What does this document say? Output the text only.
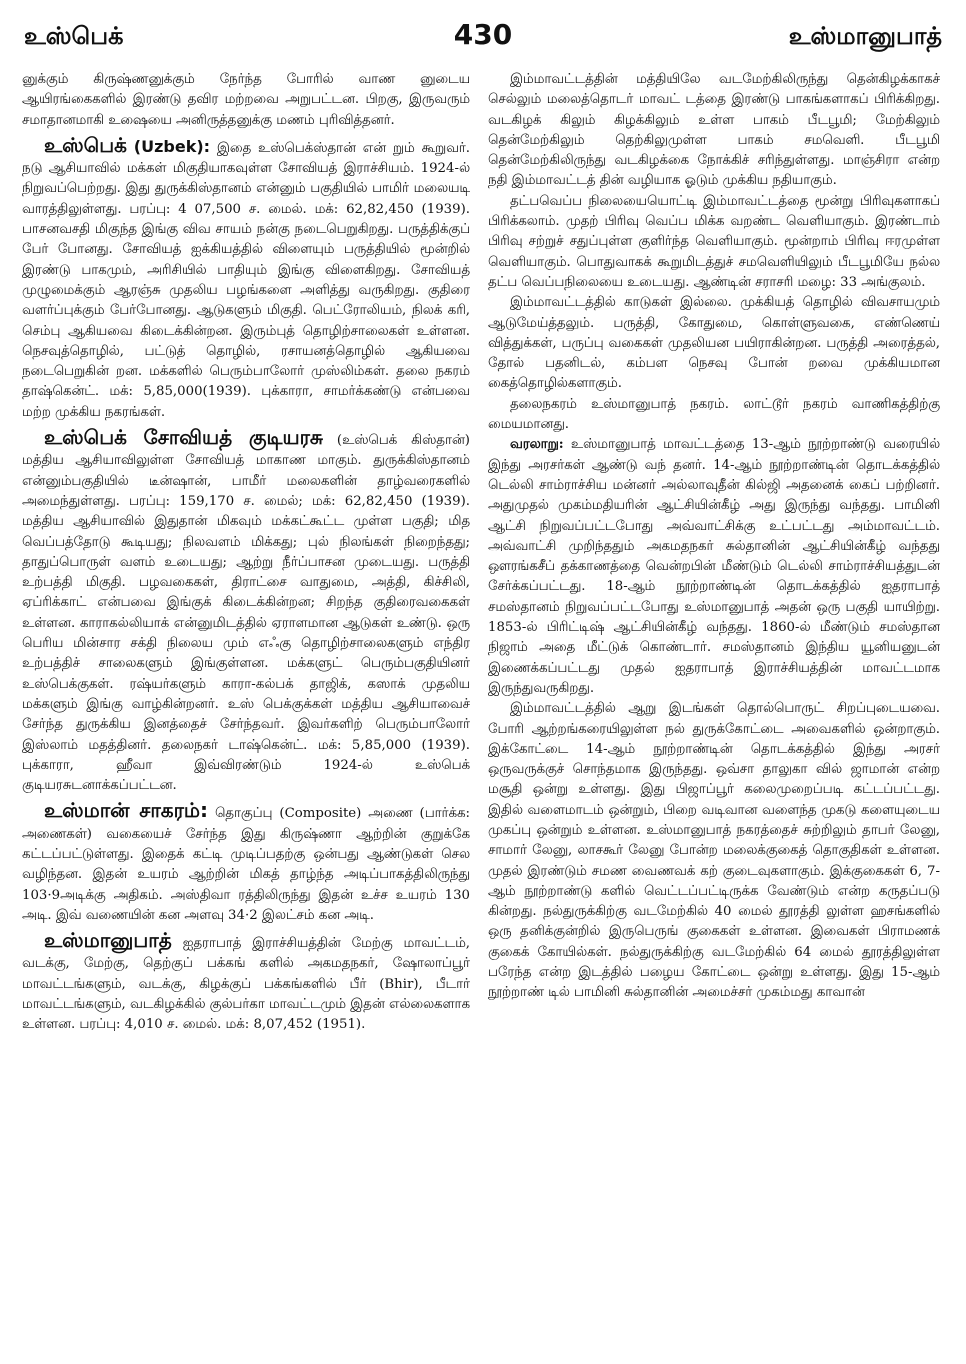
உஸ்பெக்	430	உஸ்மானுபாத்

னுக்கும் கிருஷ்ணனுக்கும் நேர்ந்த போரில் வாண னுடைய ஆயிரங்கைகளில் இரண்டு தவிர மற்றவை அறுபட்டன. பிறகு, இருவரும் சமாதானமாகி உஷையை அனிருத்தனுக்கு மணம் புரிவித்தனர்.

உஸ்பெக் (Uzbek): இதை உஸ்பெக்ஸ்தான் என் றும் கூறுவர். நடு ஆசியாவில் மக்கள் மிகுதியாகவுள்ள சோவியத் இராச்சியம். 1924-ல் நிறுவப்பெற்றது. இது துருக்கிஸ்தானம் என்னும் பகுதியில் பாமிர் மலையடி வாரத்திலுள்ளது. பரப்பு: 4 07,500 ச. மைல். மக்: 62,82,450 (1939). பாசனவசதி மிகுந்த இங்கு விவ சாயம் நன்கு நடைபெறுகிறது. பருத்திக்குப் பேர் போனது. சோவியத் ஐக்கியத்தில் விளையும் பருத்தியில் மூன்றில் இரண்டு பாகமும், அரிசியில் பாதியும் இங்கு விளைகிறது. சோவியத் முழுமைக்கும் ஆரஞ்சு முதலிய பழங்களை அளித்து வருகிறது. குதிரை வளர்ப்புக்கும் பேர்போனது. ஆடுகளும் மிகுதி. பெட்ரோலியம், நிலக் கரி, செம்பு ஆகியவை கிடைக்கின்றன. இரும்புத் தொழிற்சாலைகள் உள்ளன. நெசவுத்தொழில், பட்டுத் தொழில், ரசாயனத்தொழில் ஆகியவை நடைபெறுகின் றன. மக்களில் பெரும்பாலோர் முஸ்லிம்கள். தலை நகரம் தாஷ்கென்ட். மக்: 5,85,000(1939). புக்காரா, சாமர்க்கண்டு என்பவை மற்ற முக்கிய நகரங்கள்.

உஸ்பெக் சோவியத் குடியரசு (உஸ்பெக் கிஸ்தான்) மத்திய ஆசியாவிலுள்ள சோவியத் மாகாண மாகும். துருக்கிஸ்தானம் என்னும்பகுதியில் டீன்ஷான், பாமீர் மலைகளின் தாழ்வரைகளில் அமைந்துள்ளது. பரப்பு: 159,170 ச. மைல்; மக்: 62,82,450 (1939). மத்திய ஆசியாவில் இதுதான் மிகவும் மக்கட்கூட்ட முள்ள பகுதி; மித வெப்பத்தோடு கூடியது; நிலவளம் மிக்கது; புல் நிலங்கள் நிறைந்தது; தாதுப்பொருள் வளம் உடையது; ஆற்று நீர்ப்பாசன முடையது. பருத்தி உற்பத்தி மிகுதி. பழவகைகள், திராட்சை வாதுமை, அத்தி, கிச்சிலி, ஏப்ரிக்காட் என்பவை இங்குக் கிடைக்கின்றன; சிறந்த குதிரைவகைகள் உள்ளன. காராகல்லியாக் என்னுமிடத்தில் ஏராளமான ஆடுகள் உண்டு. ஒரு பெரிய மின்சார சக்தி நிலைய மும் எஃகு தொழிற்சாலைகளும் எந்திர உற்பத்திச் சாலைகளும் இங்குள்ளன. மக்களுட் பெரும்பகுதியினர் உஸ்பெக்குகள். ரஷ்யர்களும் காரா-கல்பக் தாஜிக், கஸாக் முதலிய மக்களும் இங்கு வாழ்கின்றனர். உஸ் பெக்குக்கள் மத்திய ஆசியாவைச் சேர்ந்த துருக்கிய இனத்தைச் சேர்ந்தவர். இவர்களிற் பெரும்பாலோர் இஸ்லாம் மதத்தினர். தலைநகர் டாஷ்கென்ட். மக்: 5,85,000 (1939). புக்காரா, ஹீவா இவ்விரண்டும் 1924-ல் உஸ்பெக் குடியரசுடனாக்கப்பட்டன.

உஸ்மான் சாகரம்: தொகுப்பு (Composite) அணை (பார்க்க: அணைகள்) வகையைச் சேர்ந்த இது கிருஷ்ணா ஆற்றின் குறுக்கே கட்டப்பட்டுள்ளது. இதைக் கட்டி முடிப்பதற்கு ஒன்பது ஆண்டுகள் செல வழிந்தன. இதன் உயரம் ஆற்றின் மிகத் தாழ்ந்த அடிப்பாகத்திலிருந்து 103·9அடிக்கு அதிகம். அஸ்திவா ரத்திலிருந்து இதன் உச்ச உயரம் 130 அடி. இவ் வணையின் கன அளவு 34·2 இலட்சம் கன அடி.

உஸ்மானுபாத் ஐதராபாத் இராச்சியத்தின் மேற்கு மாவட்டம், வடக்கு, மேற்கு, தெற்குப் பக்கங் களில் அகமதநகர், ஷோலாப்பூர் மாவட்டங்களும், வடக்கு, கிழக்குப் பக்கங்களில் பீர் (Bhir), பீடார் மாவட்டங்களும், வடகிழக்கில் குல்பர்கா மாவட்டமும் இதன் எல்லைகளாக உள்ளன. பரப்பு: 4,010 ச. மைல். மக்: 8,07,452 (1951).

இம்மாவட்டத்தின் மத்தியிலே வடமேற்கிலிருந்து தென்கிழக்காகச் செல்லும் மலைத்தொடர் மாவட் டத்தை இரண்டு பாகங்களாகப் பிரிக்கிறது. வடகிழக் கிலும் கிழக்கிலும் உள்ள பாகம் பீடபூமி; மேற்கிலும் தென்மேற்கிலும் தெற்கிலுமுள்ள பாகம் சமவெளி. பீடபூமி தென்மேற்கிலிருந்து வடகிழக்கை நோக்கிச் சரிந்துள்ளது. மாஞ்சிரா என்ற நதி இம்மாவட்டத் தின் வழியாக ஓடும் முக்கிய நதியாகும்.

தட்பவெப்ப நிலையையொட்டி இம்மாவட்டத்தை மூன்று பிரிவுகளாகப் பிரிக்கலாம். முதற் பிரிவு வெப்ப மிக்க வறண்ட வெளியாகும். இரண்டாம் பிரிவு சற்றுச் சதுப்புள்ள குளிர்ந்த வெளியாகும். மூன்றாம் பிரிவு ஈரமுள்ள வெளியாகும். பொதுவாகக் கூறுமிடத்துச் சமவெளியிலும் பீடபூமியே நல்ல தட்ப வெப்பநிலையை உடையது. ஆண்டின் சராசரி மழை: 33 அங்குலம்.

இம்மாவட்டத்தில் காடுகள் இல்லை. முக்கியத் தொழில் விவசாயமும் ஆடுமேய்த்தலும். பருத்தி, கோதுமை, கொள்ளுவகை, எண்ணெய் வித்துக்கள், பருப்பு வகைகள் முதலியன பயிராகின்றன. பருத்தி அரைத்தல், தோல் பதனிடல், கம்பள நெசவு போன் றவை முக்கியமான கைத்தொழில்களாகும்.

தலைநகரம் உஸ்மானுபாத் நகரம். லாட்டூர் நகரம் வாணிகத்திற்கு மையமானது.

வரலாறு: உஸ்மானுபாத் மாவட்டத்தை 13-ஆம் நூற்றாண்டு வரையில் இந்து அரசர்கள் ஆண்டு வந் தனர். 14-ஆம் நூற்றாண்டின் தொடக்கத்தில் டெல்லி சாம்ராச்சிய மன்னர் அல்லாவுதீன் கில்ஜி அதனைக் கைப் பற்றினர். அதுமுதல் முகம்மதியரின் ஆட்சியின்கீழ் அது இருந்து வந்தது. பாமினி ஆட்சி நிறுவப்பட்டபோது அவ்வாட்சிக்கு உட்பட்டது அம்மாவட்டம். அவ்வாட்சி முறிந்ததும் அகமதநகர் சுல்தானின் ஆட்சியின்கீழ் வந்தது ஔரங்கசீப் தக்காணத்தை வென்றபின் மீண்டும் டெல்லி சாம்ராச்சியத்துடன் சேர்க்கப்பட்டது. 18-ஆம் நூற்றாண்டின் தொடக்கத்தில் ஐதராபாத் சமஸ்தானம் நிறுவப்பட்டபோது உஸ்மானுபாத் அதன் ஒரு பகுதி யாயிற்று. 1853-ல் பிரிட்டிஷ் ஆட்சியின்கீழ் வந்தது. 1860-ல் மீண்டும் சமஸ்தான நிஜாம் அதை மீட்டுக் கொண்டார். சமஸ்தானம் இந்திய யூனியனுடன் இணைக்கப்பட்டது முதல் ஐதராபாத் இராச்சியத்தின் மாவட்டமாக இருந்துவருகிறது.

இம்மாவட்டத்தில் ஆறு இடங்கள் தொல்பொருட் சிறப்புடையவை. போரி ஆற்றங்கரையிலுள்ள நல் துருக்கோட்டை அவைகளில் ஒன்றாகும். இக்கோட்டை 14-ஆம் நூற்றாண்டின் தொடக்கத்தில் இந்து அரசர் ஒருவருக்குச் சொந்தமாக இருந்தது. ஒவ்சா தாலுகா வில் ஜாமான் என்ற மசூதி ஒன்று உள்ளது. இது பிஜாப்பூர் கலைமுறைப்படி கட்டப்பட்டது. இதில் வளைமாடம் ஒன்றும், பிறை வடிவான வளைந்த முகடு களையுடைய முகப்பு ஒன்றும் உள்ளன. உஸ்மானுபாத் நகரத்தைச் சுற்றிலும் தாபர் லேனு, சாமார் லேனு, லாசகூர் லேனு போன்ற மலைக்குகைத் தொகுதிகள் உள்ளன. முதல் இரண்டும் சமண வைணவக் கற் குடைவுகளாகும். இக்குகைகள் 6, 7-ஆம் நூற்றாண்டு களில் வெட்டப்பட்டிருக்க வேண்டும் என்ற கருதப்படு கின்றது. நல்துருக்கிற்கு வடமேற்கில் 40 மைல் தூரத்தி லுள்ள ஹசங்களில் ஒரு தனிக்குன்றில் இருபெருங் குகைகள் உள்ளன. இவைகள் பிராமணக் குகைக் கோயில்கள். நல்துருக்கிற்கு வடமேற்கில் 64 மைல் தூரத்திலுள்ள பரேந்த என்ற இடத்தில் பழைய கோட்டை ஒன்று உள்ளது. இது 15-ஆம் நூற்றாண் டில் பாமினி சுல்தானின் அமைச்சர் முகம்மது காவான்
